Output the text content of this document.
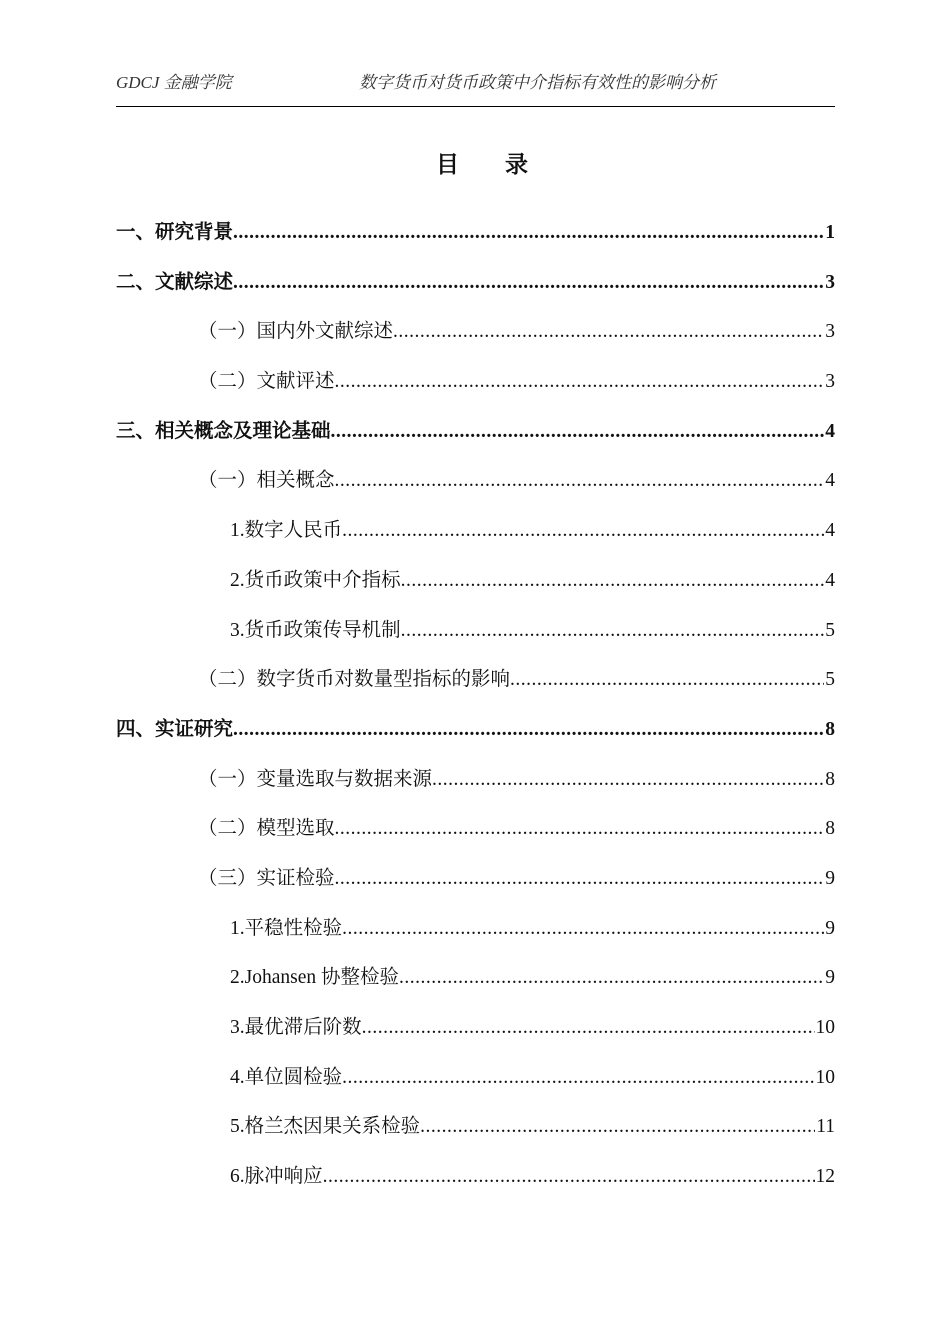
GDCJ 金融学院	数字货币对货币政策中介指标有效性的影响分析
目录
一、研究背景 .....	1
二、文献综述 .....	3
（一）国内外文献综述 .....	3
（二）文献评述 .....	3
三、相关概念及理论基础 .....	4
（一）相关概念 .....	4
1.数字人民币 .....	4
2.货币政策中介指标 .....	4
3.货币政策传导机制 .....	5
（二）数字货币对数量型指标的影响 .....	5
四、实证研究 .....	8
（一）变量选取与数据来源 .....	8
（二）模型选取 .....	8
（三）实证检验 .....	9
1.平稳性检验 .....	9
2.Johansen 协整检验 .....	9
3.最优滞后阶数 .....	10
4.单位圆检验 .....	10
5.格兰杰因果关系检验 .....	11
6.脉冲响应 .....	12
